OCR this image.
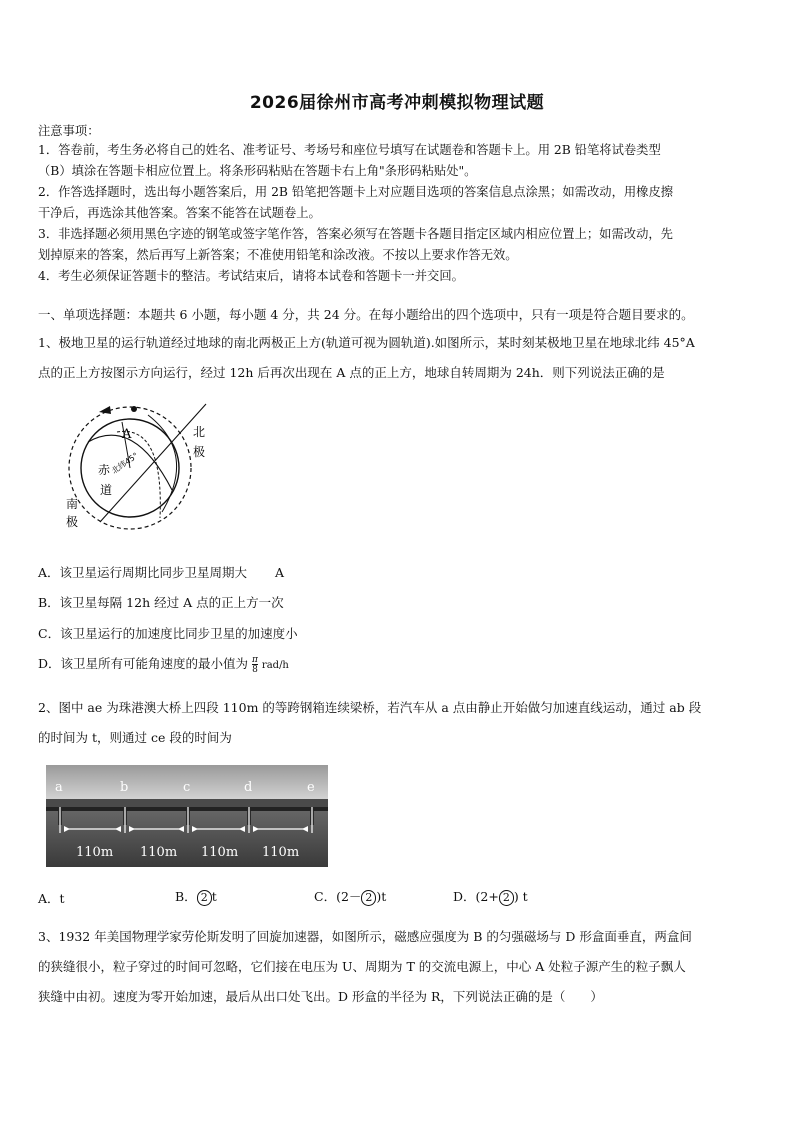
2026届徐州市高考冲刺模拟物理试题
注意事项：
1．答卷前，考生务必将自己的姓名、准考证号、考场号和座位号填写在试题卷和答题卡上。用 2B 铅笔将试卷类型
（B）填涂在答题卡相应位置上。将条形码粘贴在答题卡右上角"条形码粘贴处"。
2．作答选择题时，选出每小题答案后，用 2B 铅笔把答题卡上对应题目选项的答案信息点涂黑；如需改动，用橡皮擦
干净后，再选涂其他答案。答案不能答在试题卷上。
3．非选择题必须用黑色字迹的钢笔或签字笔作答，答案必须写在答题卡各题目指定区域内相应位置上；如需改动，先
划掉原来的答案，然后再写上新答案；不准使用铅笔和涂改液。不按以上要求作答无效。
4．考生必须保证答题卡的整洁。考试结束后，请将本试卷和答题卡一并交回。
一、单项选择题：本题共 6 小题，每小题 4 分，共 24 分。在每小题给出的四个选项中，只有一项是符合题目要求的。
1、极地卫星的运行轨道经过地球的南北两极正上方(轨道可视为圆轨道).如图所示，某时刻某极地卫星在地球北纬 45°A
点的正上方按图示方向运行，经过 12h 后再次出现在 A 点的正上方，地球自转周期为 24h．则下列说法正确的是
A	北
极
南
极
赤
道
北纬45°
A．该卫星运行周期比同步卫星周期大 A
B．该卫星每隔 12h 经过 A 点的正上方一次
C．该卫星运行的加速度比同步卫星的加速度小
D．该卫星所有可能角速度的最小值为 $\frac{\pi}{8} rad/h$
2、图中 ae 为珠港澳大桥上四段 110m 的等跨钢箱连续梁桥，若汽车从 a 点由静止开始做匀加速直线运动，通过 ab 段
的时间为 t，则通过 ce 段的时间为
a	b	c	d	e
110m 110m 110m 110m
A．t	B． 2 t	C．(2－ 2 )t	D．(2+ 2 ) t
3、1932 年美国物理学家劳伦斯发明了回旋加速器，如图所示，磁感应强度为 B 的匀强磁场与 D 形盒面垂直，两盒间
的狭缝很小，粒子穿过的时间可忽略，它们接在电压为 U、周期为 T 的交流电源上，中心 A 处粒子源产生的粒子飘人
狭缝中由初。速度为零开始加速，最后从出口处飞出。D 形盒的半径为 R，下列说法正确的是（　　）
